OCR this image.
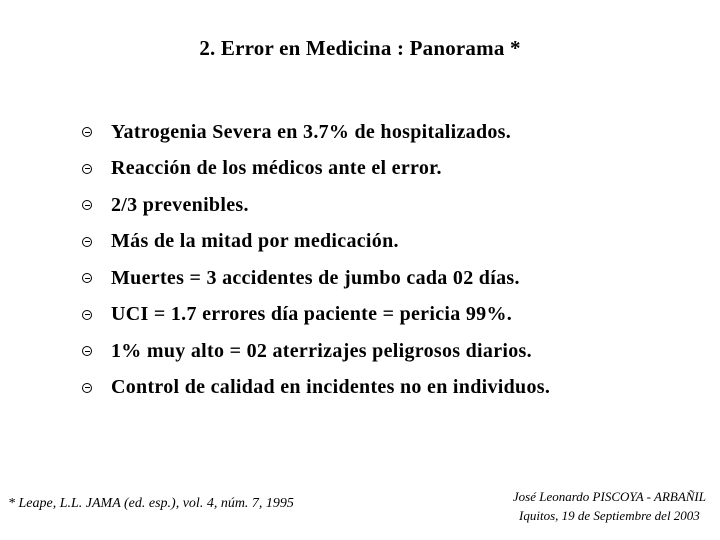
2. Error en Medicina : Panorama *
Yatrogenia Severa en 3.7% de hospitalizados.
Reacción de los médicos ante el error.
2/3 prevenibles.
Más de la mitad por medicación.
Muertes = 3 accidentes de jumbo cada 02 días.
UCI = 1.7 errores día paciente = pericia 99%.
1% muy alto = 02 aterrizajes peligrosos diarios.
Control de calidad en incidentes no en individuos.
* Leape, L.L. JAMA (ed. esp.), vol. 4, núm. 7, 1995	José Leonardo PISCOYA - ARBAÑIL
Iquitos, 19 de Septiembre del 2003
